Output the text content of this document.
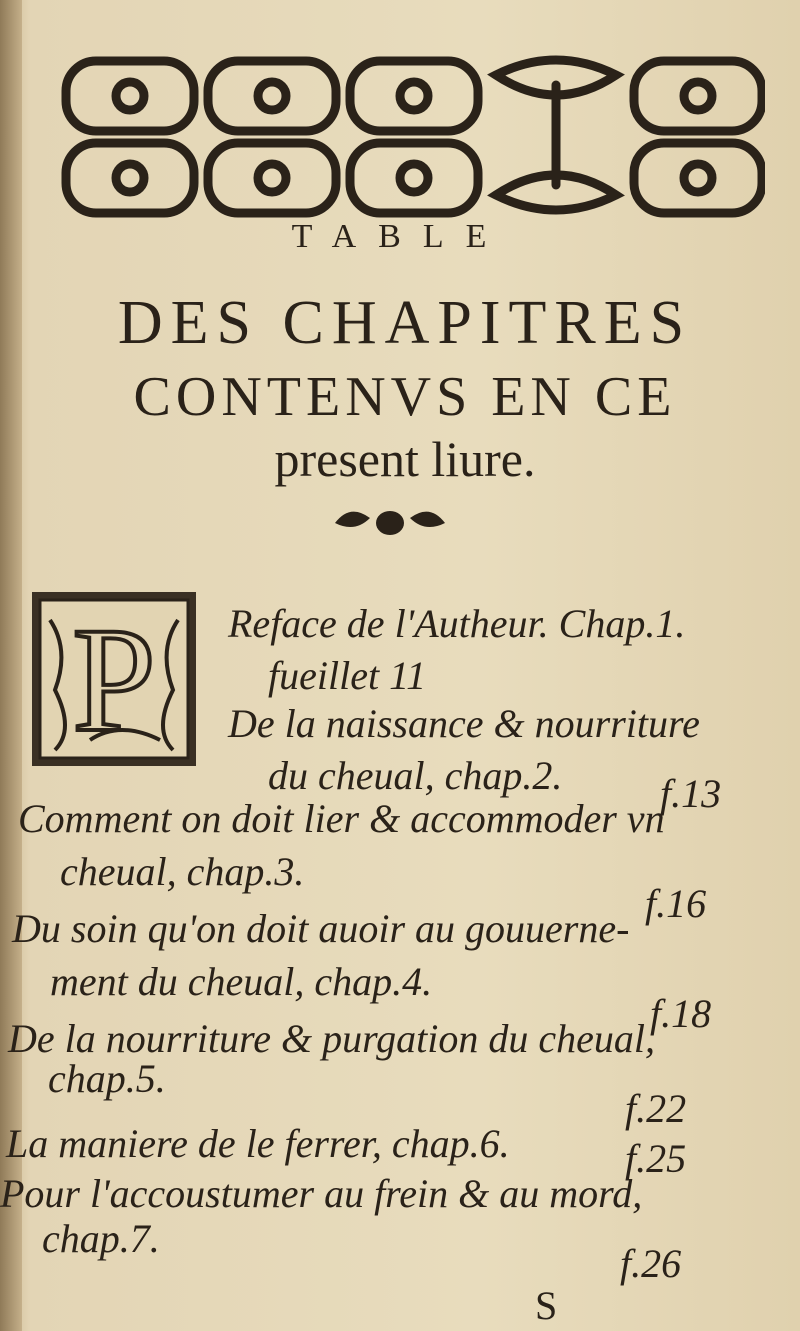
TABLE
DES CHAPITRES
CONTENVS EN CE
present liure.
P Reface de l'Autheur. Chap.1.
fueillet 11
De la naissance & nourriture
du cheual, chap.2. f.13
Comment on doit lier & accommoder vn
cheual, chap.3.
f.16
Du soin qu'on doit auoir au gouuerne-
ment du cheual, chap.4.
f.18
De la nourriture & purgation du cheual,
chap.5.
f.22
La maniere de le ferrer, chap.6.	f.25
Pour l'accoustumer au frein & au mord,
chap.7.
f.26
S
